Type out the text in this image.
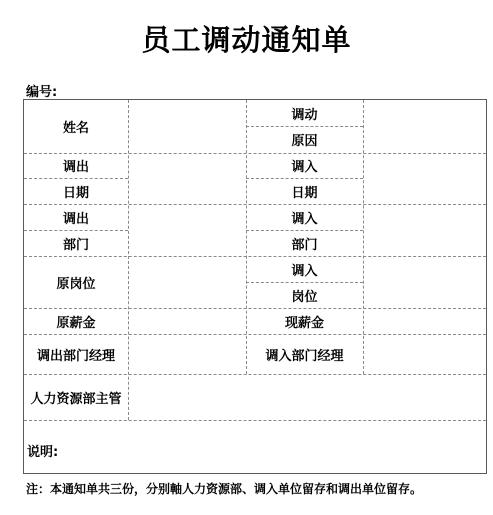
员工调动通知单
编号:
姓名
调动
原因
调出
日期
调入
日期
调出
部门
调入
部门
原岗位
调入
岗位
原薪金	现薪金
调出部门经理	调入部门经理
人力资源部主管
说明:
注：本通知单共三份，分别軸人力资源部、调入单位留存和调出单位留存。
